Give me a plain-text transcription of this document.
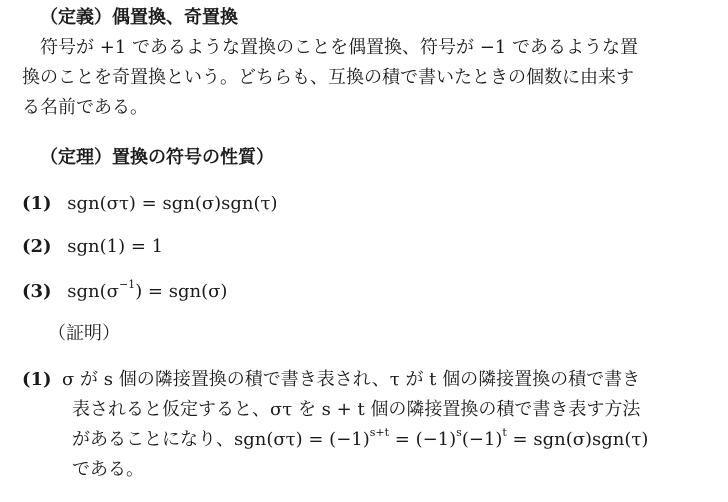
（定義）偶置換、奇置換
符号が +1 であるような置換のことを偶置換、符号が −1 であるような置
換のことを奇置換という。どちらも、互換の積で書いたときの個数に由来す
る名前である。
（定理）置換の符号の性質）
(1) sgn(στ) = sgn(σ)sgn(τ)
(2) sgn(1) = 1
(3) $sgn(\sigma^{-1}) = sgn(\sigma)$
（証明）
(1) σ が s 個の隣接置換の積で書き表され、τ が t 個の隣接置換の積で書き
表されると仮定すると、στ を s + t 個の隣接置換の積で書き表す方法
があることになり、$sgn(\sigma\tau) = (-1)^{s+t} = (-1)^s(-1)^t = sgn(\sigma)sgn(\tau)$
である。
